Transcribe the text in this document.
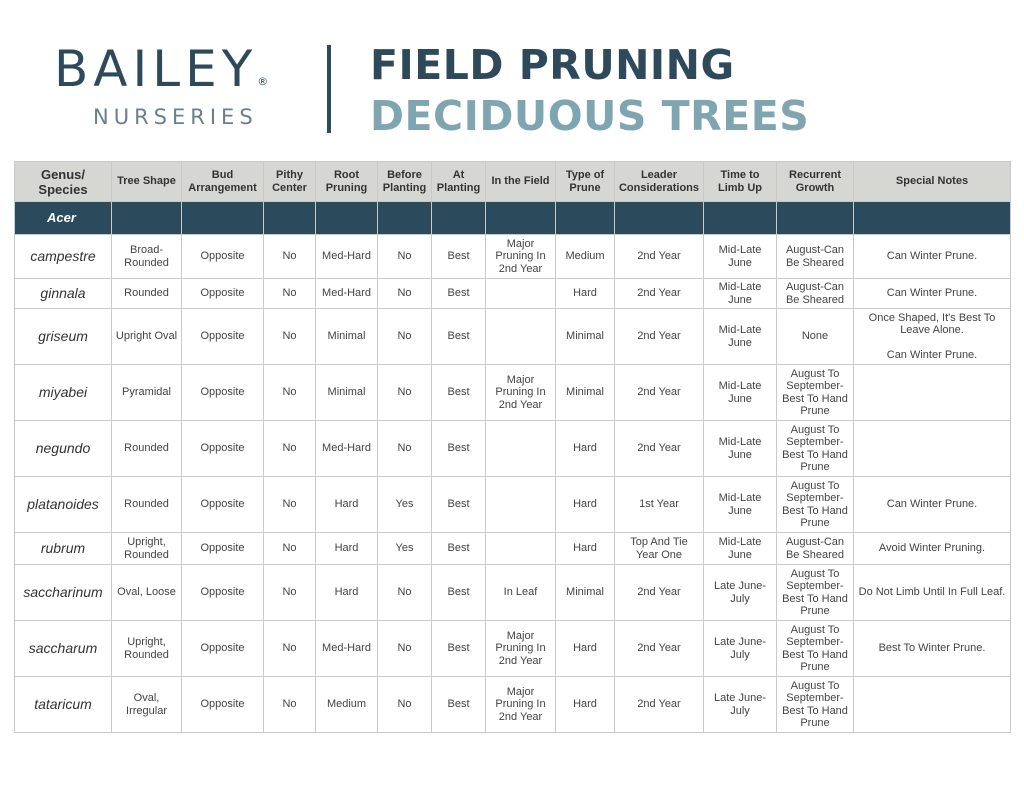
BAILEY®
NURSERIES
FIELD PRUNING
DECIDUOUS TREES
Genus/ Species	Tree Shape	Bud Arrangement	Pithy Center	Root Pruning	Before Planting	At Planting	In the Field	Type of Prune	Leader Considerations	Time to Limb Up	Recurrent Growth	Special Notes
Acer												
campestre	Broad-Rounded	Opposite	No	Med-Hard	No	Best	Major Pruning In 2nd Year	Medium	2nd Year	Mid-Late June	August-Can Be Sheared	Can Winter Prune.

ginnala	Rounded	Opposite	No	Med-Hard	No	Best		Hard	2nd Year	Mid-Late June	August-Can Be Sheared	Can Winter Prune.

griseum	Upright Oval	Opposite	No	Minimal	No	Best		Minimal	2nd Year	Mid-Late June	None	Once Shaped, It's Best To Leave Alone.
Can Winter Prune.

miyabei	Pyramidal	Opposite	No	Minimal	No	Best	Major Pruning In 2nd Year	Minimal	2nd Year	Mid-Late June	August To September- Best To Hand Prune	
negundo	Rounded	Opposite	No	Med-Hard	No	Best		Hard	2nd Year	Mid-Late June	August To September- Best To Hand Prune	
platanoides	Rounded	Opposite	No	Hard	Yes	Best		Hard	1st Year	Mid-Late June	August To September- Best To Hand Prune	Can Winter Prune.

rubrum	Upright, Rounded	Opposite	No	Hard	Yes	Best		Hard	Top And Tie Year One	Mid-Late June	August-Can Be Sheared	Avoid Winter Pruning.

saccharinum	Oval, Loose	Opposite	No	Hard	No	Best	In Leaf	Minimal	2nd Year	Late June- July	August To September- Best To Hand Prune	Do Not Limb Until In Full Leaf.

saccharum	Upright, Rounded	Opposite	No	Med-Hard	No	Best	Major Pruning In 2nd Year	Hard	2nd Year	Late June- July	August To September- Best To Hand Prune	Best To Winter Prune.

tataricum	Oval, Irregular	Opposite	No	Medium	No	Best	Major Pruning In 2nd Year	Hard	2nd Year	Late June- July	August To September- Best To Hand Prune	
